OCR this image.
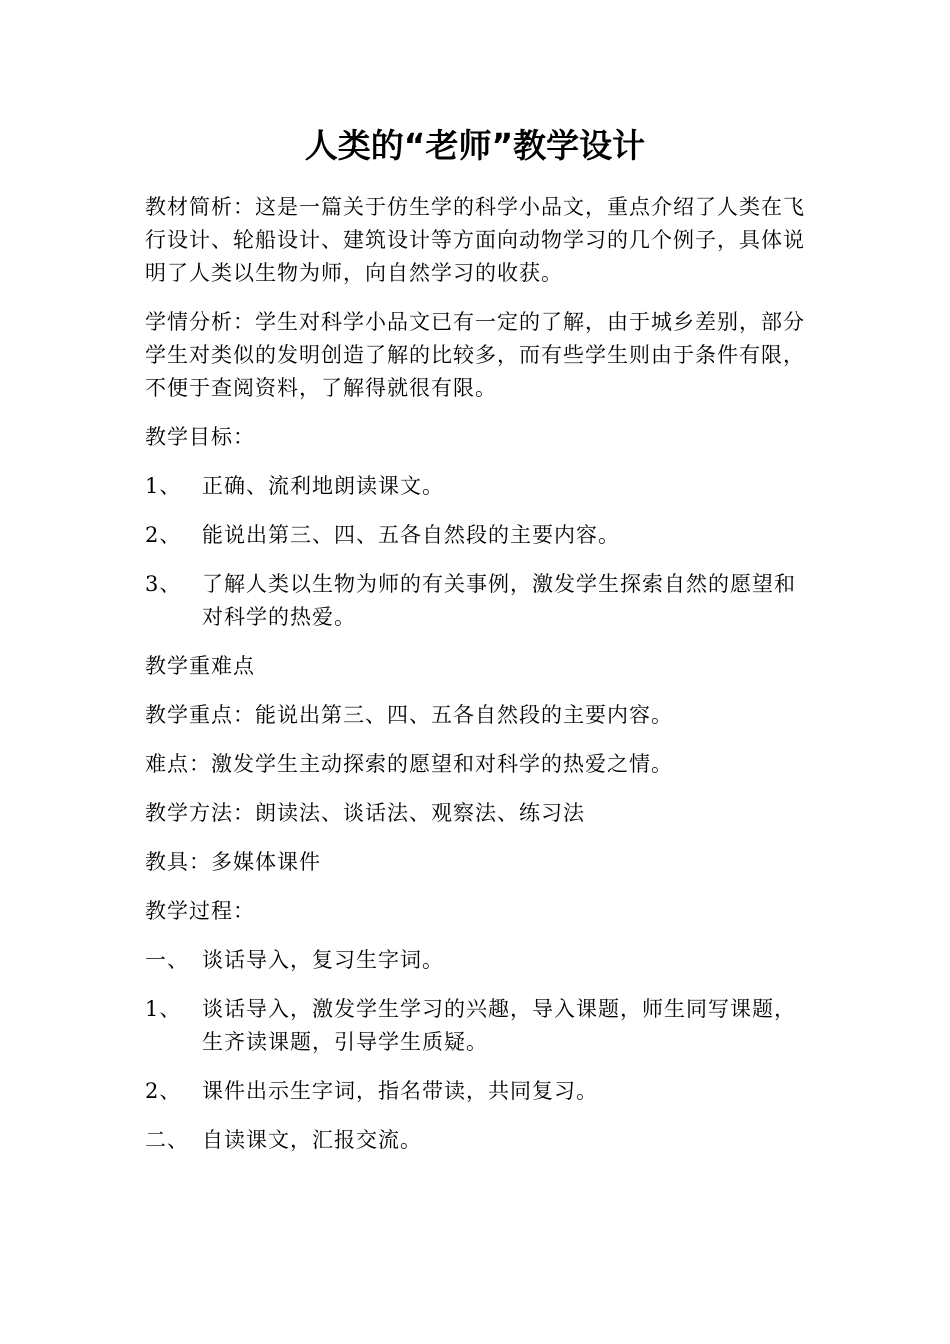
人类的“老师”教学设计

教材简析：这是一篇关于仿生学的科学小品文，重点介绍了人类在飞行设计、轮船设计、建筑设计等方面向动物学习的几个例子，具体说明了人类以生物为师，向自然学习的收获。

学情分析：学生对科学小品文已有一定的了解，由于城乡差别，部分学生对类似的发明创造了解的比较多，而有些学生则由于条件有限，不便于查阅资料，了解得就很有限。

教学目标：

1、 正确、流利地朗读课文。
2、 能说出第三、四、五各自然段的主要内容。
3、 了解人类以生物为师的有关事例，激发学生探索自然的愿望和对科学的热爱。

教学重难点

教学重点：能说出第三、四、五各自然段的主要内容。

难点：激发学生主动探索的愿望和对科学的热爱之情。

教学方法：朗读法、谈话法、观察法、练习法

教具：多媒体课件

教学过程：

一、 谈话导入，复习生字词。
1、 谈话导入，激发学生学习的兴趣，导入课题，师生同写课题，生齐读课题，引导学生质疑。
2、 课件出示生字词，指名带读，共同复习。
二、 自读课文，汇报交流。
